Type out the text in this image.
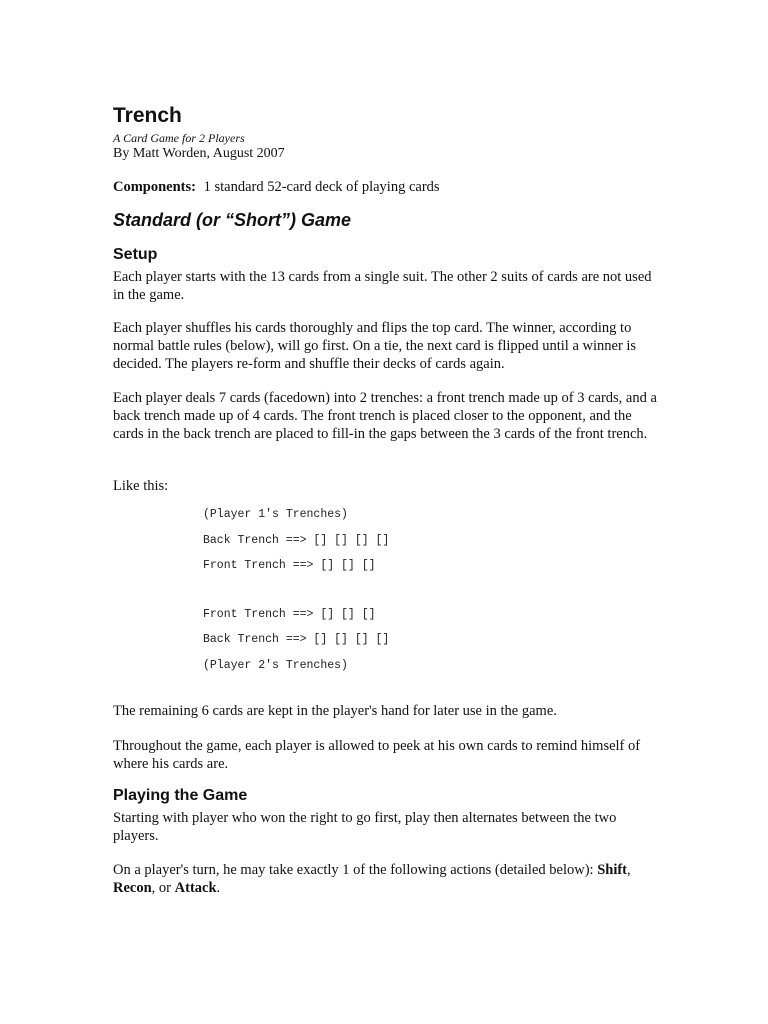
Trench
A Card Game for 2 Players
By Matt Worden, August 2007
Components: 1 standard 52-card deck of playing cards
Standard (or “Short”) Game
Setup

Each player starts with the 13 cards from a single suit. The other 2 suits of cards are not used in the game.

Each player shuffles his cards thoroughly and flips the top card. The winner, according to normal battle rules (below), will go first. On a tie, the next card is flipped until a winner is decided. The players re-form and shuffle their decks of cards again.

Each player deals 7 cards (facedown) into 2 trenches: a front trench made up of 3 cards, and a back trench made up of 4 cards. The front trench is placed closer to the opponent, and the cards in the back trench are placed to fill-in the gaps between the 3 cards of the front trench.

Like this:

(Player 1's Trenches)
Back Trench ==> [] [] [] []
Front Trench ==> [] [] []
Front Trench ==> [] [] []
Back Trench ==> [] [] [] []
(Player 2's Trenches)

The remaining 6 cards are kept in the player's hand for later use in the game.

Throughout the game, each player is allowed to peek at his own cards to remind himself of where his cards are.

Playing the Game

Starting with player who won the right to go first, play then alternates between the two players.

On a player's turn, he may take exactly 1 of the following actions (detailed below): Shift, Recon, or Attack.
